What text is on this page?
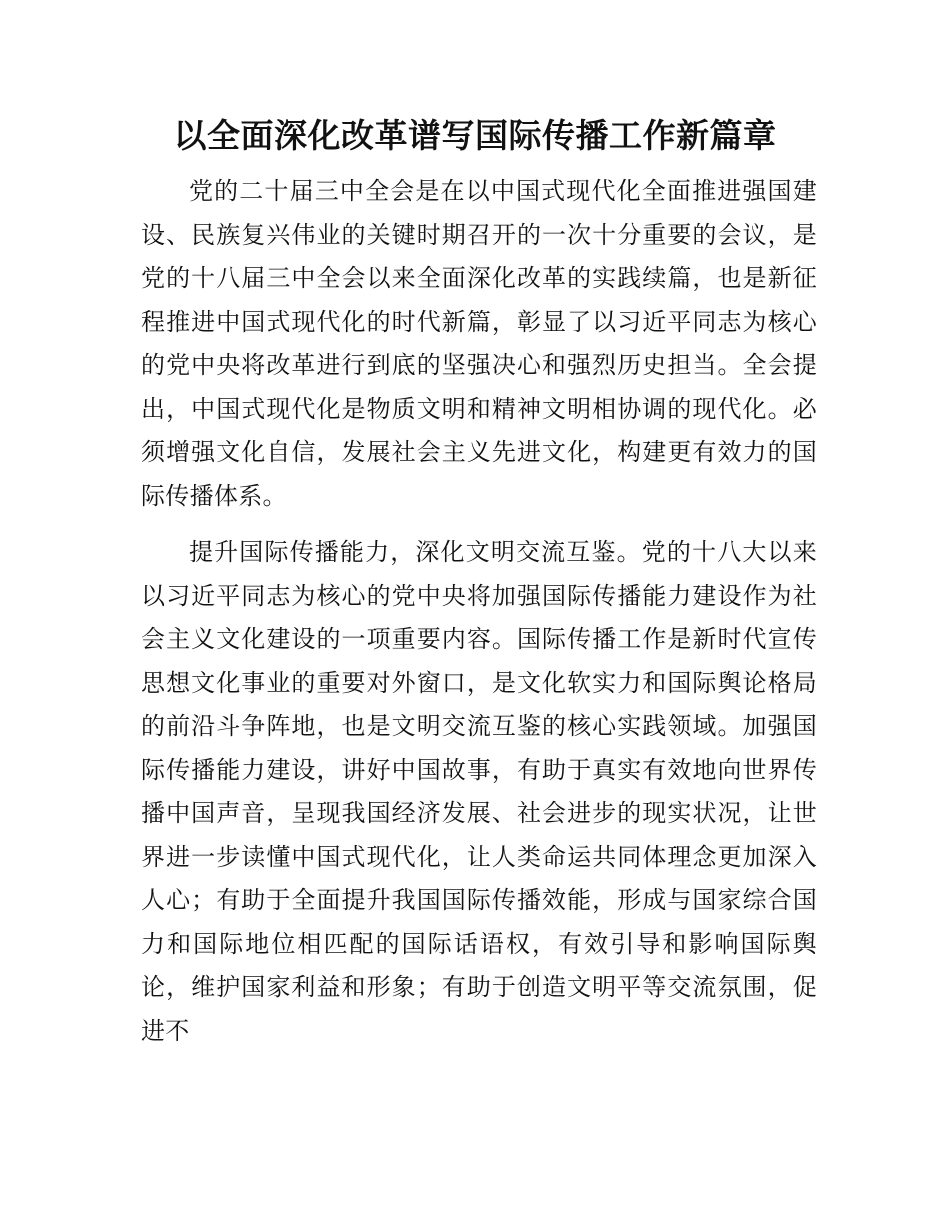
以全面深化改革谱写国际传播工作新篇章

党的二十届三中全会是在以中国式现代化全面推进强国建设、民族复兴伟业的关键时期召开的一次十分重要的会议，是党的十八届三中全会以来全面深化改革的实践续篇，也是新征程推进中国式现代化的时代新篇，彰显了以习近平同志为核心的党中央将改革进行到底的坚强决心和强烈历史担当。全会提出，中国式现代化是物质文明和精神文明相协调的现代化。必须增强文化自信，发展社会主义先进文化，构建更有效力的国际传播体系。

提升国际传播能力，深化文明交流互鉴。党的十八大以来以习近平同志为核心的党中央将加强国际传播能力建设作为社会主义文化建设的一项重要内容。国际传播工作是新时代宣传思想文化事业的重要对外窗口，是文化软实力和国际舆论格局的前沿斗争阵地，也是文明交流互鉴的核心实践领域。加强国际传播能力建设，讲好中国故事，有助于真实有效地向世界传播中国声音，呈现我国经济发展、社会进步的现实状况，让世界进一步读懂中国式现代化，让人类命运共同体理念更加深入人心；有助于全面提升我国国际传播效能，形成与国家综合国力和国际地位相匹配的国际话语权，有效引导和影响国际舆论，维护国家利益和形象；有助于创造文明平等交流氛围，促进不
